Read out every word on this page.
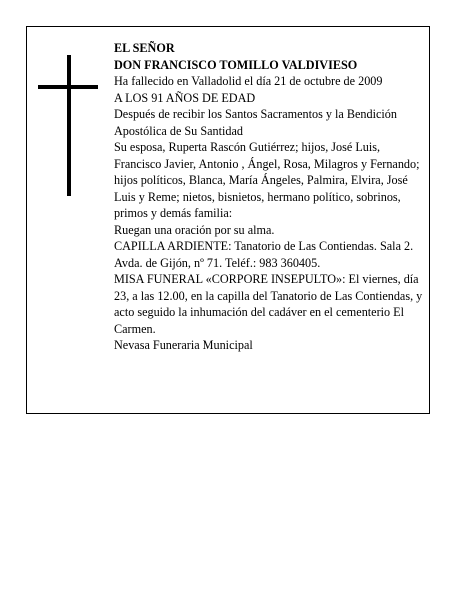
EL SEÑOR

DON FRANCISCO TOMILLO VALDIVIESO

Ha fallecido en Valladolid el día 21 de octubre de 2009

A LOS 91 AÑOS DE EDAD

Después de recibir los Santos Sacramentos y la Bendición Apostólica de Su Santidad

Su esposa, Ruperta Rascón Gutiérrez; hijos, José Luis, Francisco Javier, Antonio , Ángel, Rosa, Milagros y Fernando; hijos políticos, Blanca, María Ángeles, Palmira, Elvira, José Luis y Reme; nietos, bisnietos, hermano político, sobrinos, primos y demás familia:

Ruegan una oración por su alma.

CAPILLA ARDIENTE: Tanatorio de Las Contiendas. Sala 2. Avda. de Gijón, nº 71. Teléf.: 983 360405.

MISA FUNERAL «CORPORE INSEPULTO»: El viernes, día 23, a las 12.00, en la capilla del Tanatorio de Las Contiendas, y acto seguido la inhumación del cadáver en el cementerio El Carmen.

Nevasa Funeraria Municipal
